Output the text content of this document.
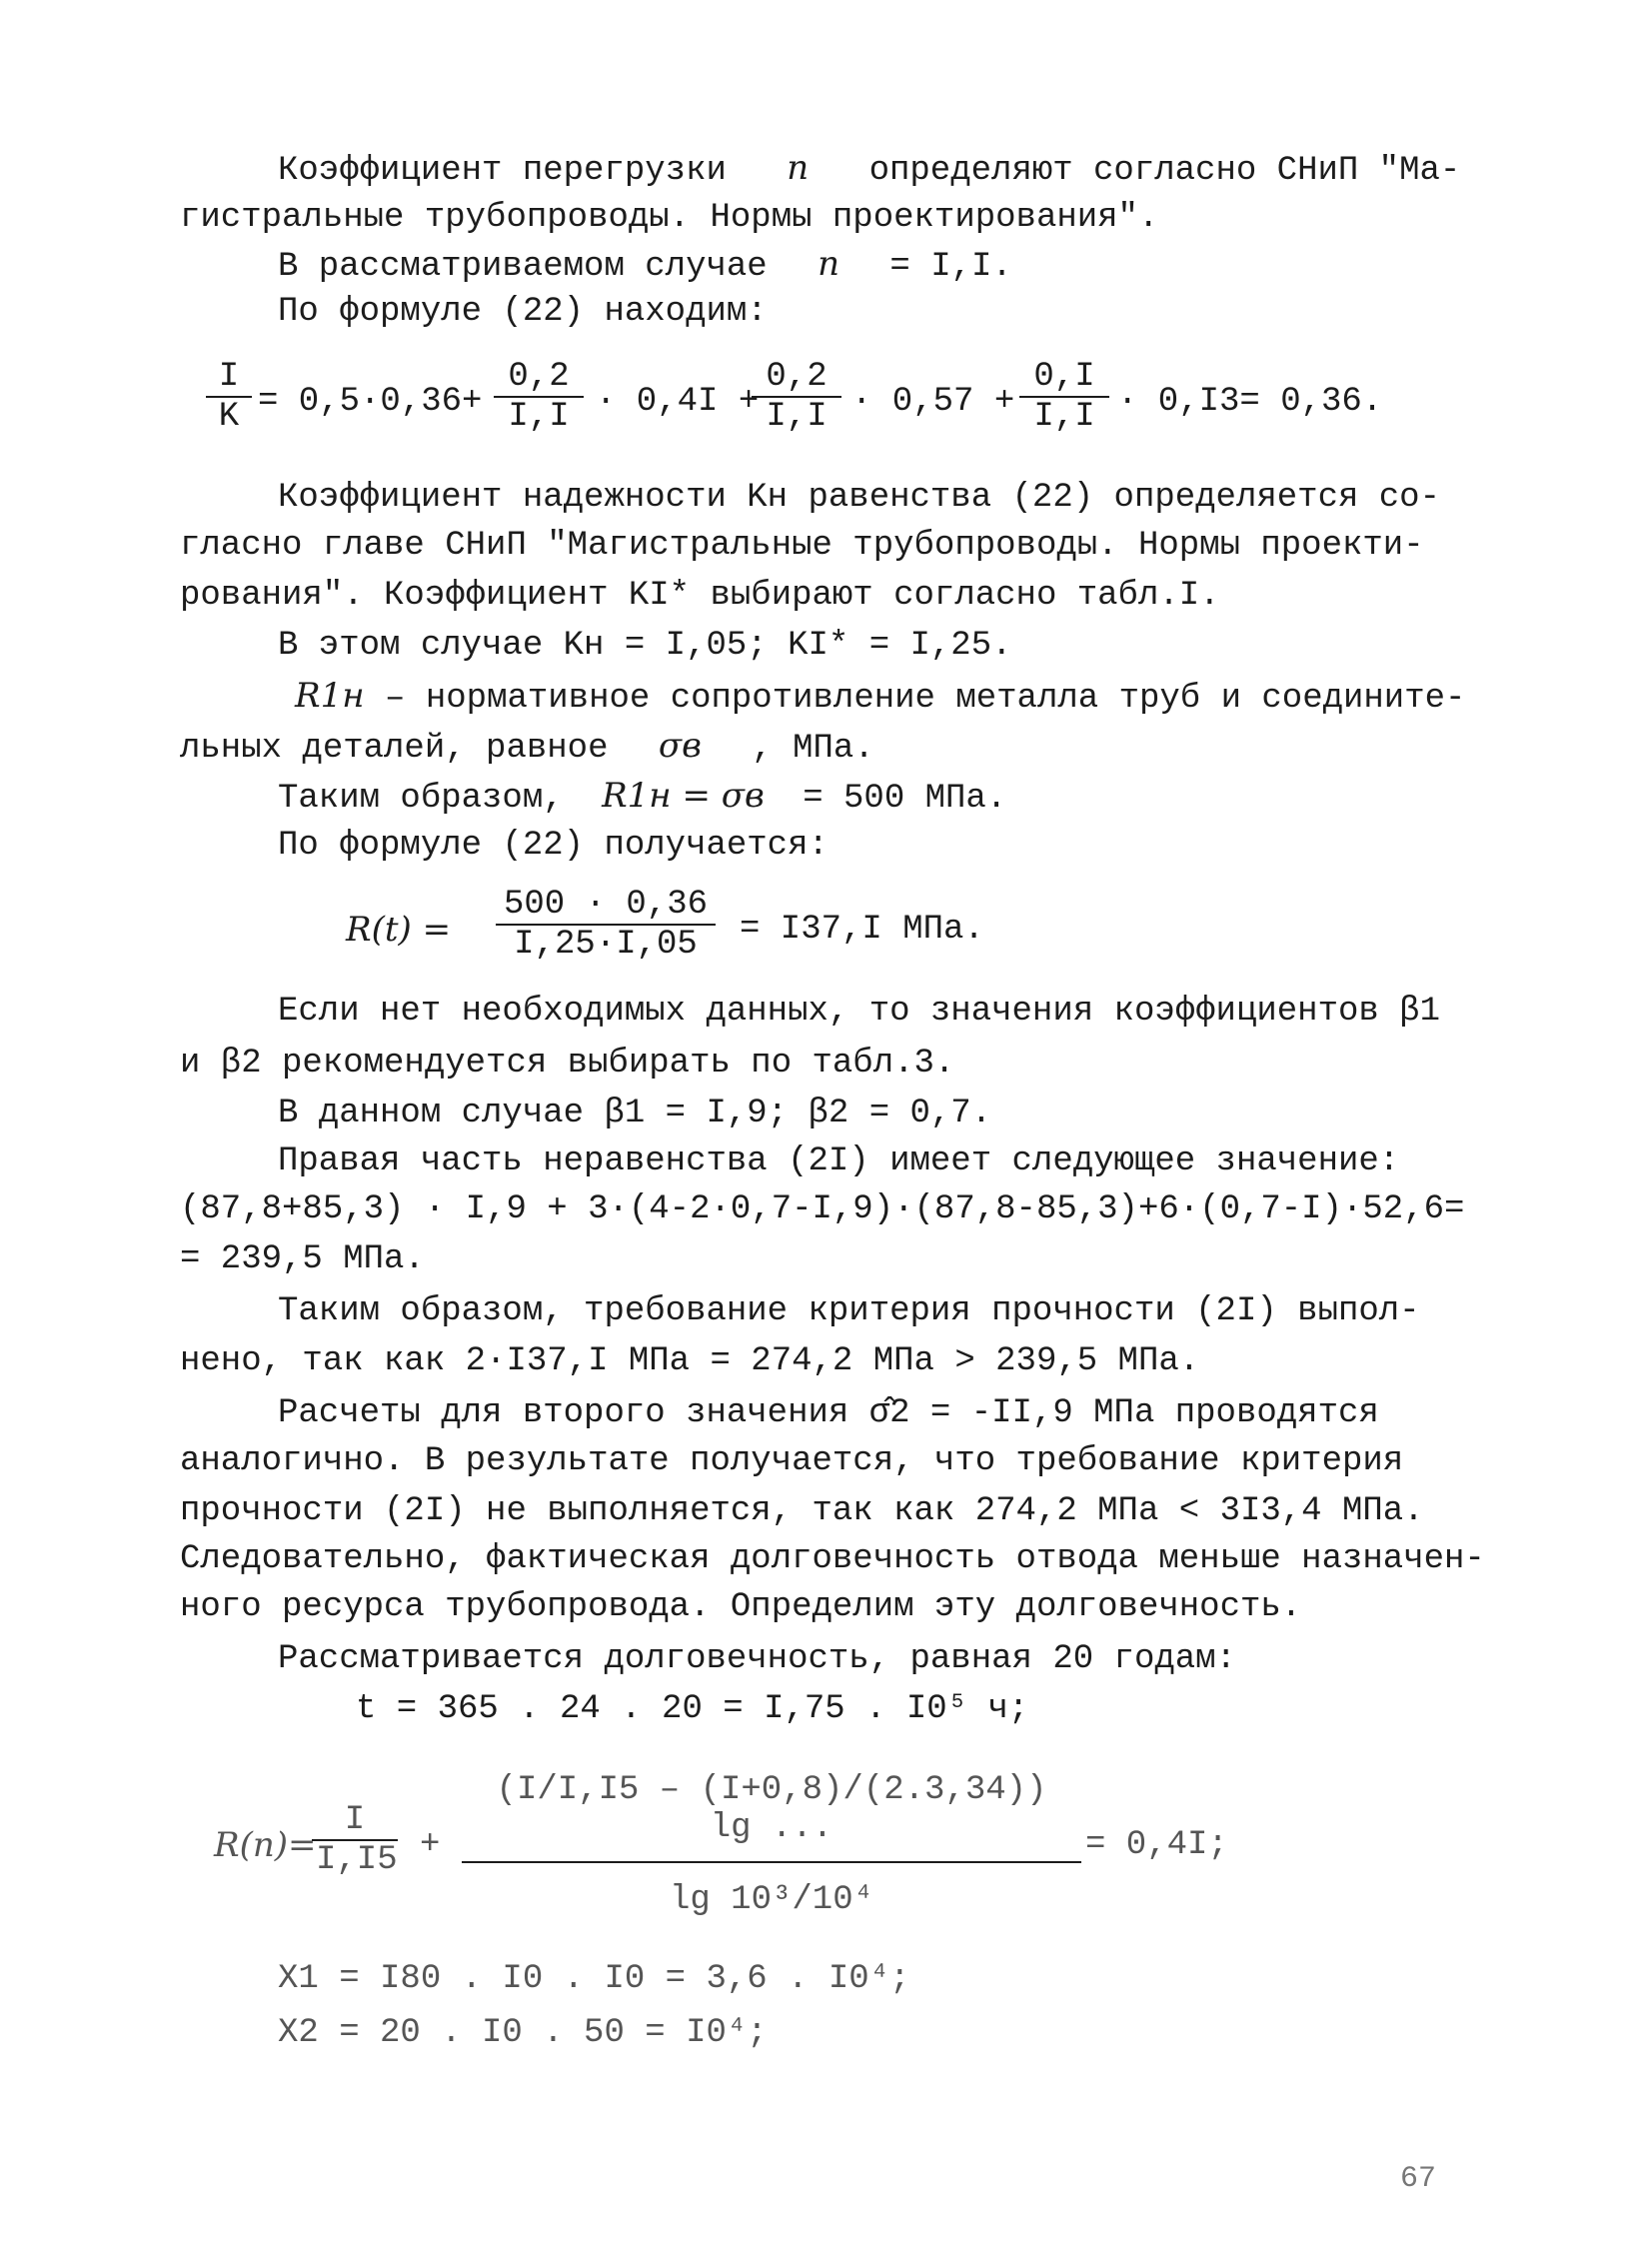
Коэффициент перегрузки n определяют согласно СНиП "Ма-
гистральные трубопроводы. Нормы проектирования".
В рассматриваемом случае n = I,I.
По формуле (22) находим:
$\frac{I}{K} = 0,5\cdot 0,36+ \frac{0,2}{I,I} \cdot 0,4I$ +
$\frac{0,2}{I,I} \cdot 0,57 + \frac{0,I}{I,I} \cdot 0,I3= 0,36$.
Коэффициент надежности Kн равенства (22) определяется со-
гласно главе СНиП "Магистральные трубопроводы. Нормы проекти-
рования". Коэффициент KI* выбирают согласно табл.I.
В этом случае Kн = I,05; KI* = I,25.
R1н – нормативное сопротивление металла труб и соедините-
льных деталей, равное σв , МПа.
Таким образом, R1н = σв = 500 МПа.
По формуле (22) получается:
$R(t) = \frac{500 \cdot 0,36}{I,25\cdot I,05} = I37,I$ МПа.
Если нет необходимых данных, то значения коэффициентов β1
и β2 рекомендуется выбирать по табл.3.
В данном случае β1 = I,9; β2 = 0,7.
Правая часть неравенства (2I) имеет следующее значение:
(87,8+85,3) · I,9 + 3·(4-2·0,7-I,9)·(87,8-85,3)+6·(0,7-I)·52,6=
= 239,5 МПа.
Таким образом, требование критерия прочности (2I) выпол-
нено, так как 2·I37,I МПа = 274,2 МПа > 239,5 МПа.
Расчеты для второго значения σ̂2 = -II,9 МПа проводятся
аналогично. В результате получается, что требование критерия
прочности (2I) не выполняется, так как 274,2 МПа < 3I3,4 МПа.
Следовательно, фактическая долговечность отвода меньше назначен-
ного ресурса трубопровода. Определим эту долговечность.
Рассматривается долговечность, равная 20 годам:
t = 365 . 24 . 20 = I,75 . I0⁵ ч;
R(n)=
$\frac{I}{I,I5} + \frac{(I/I,I5 - (I+0,8)/(2.3,34)) \lg ...}{\text{lg 10³/10⁴}} = 0,4I$;
X1 = I80 . I0 . I0 = 3,6 . I0⁴;
X2 = 20 . I0 . 50 = I0⁴;
67
